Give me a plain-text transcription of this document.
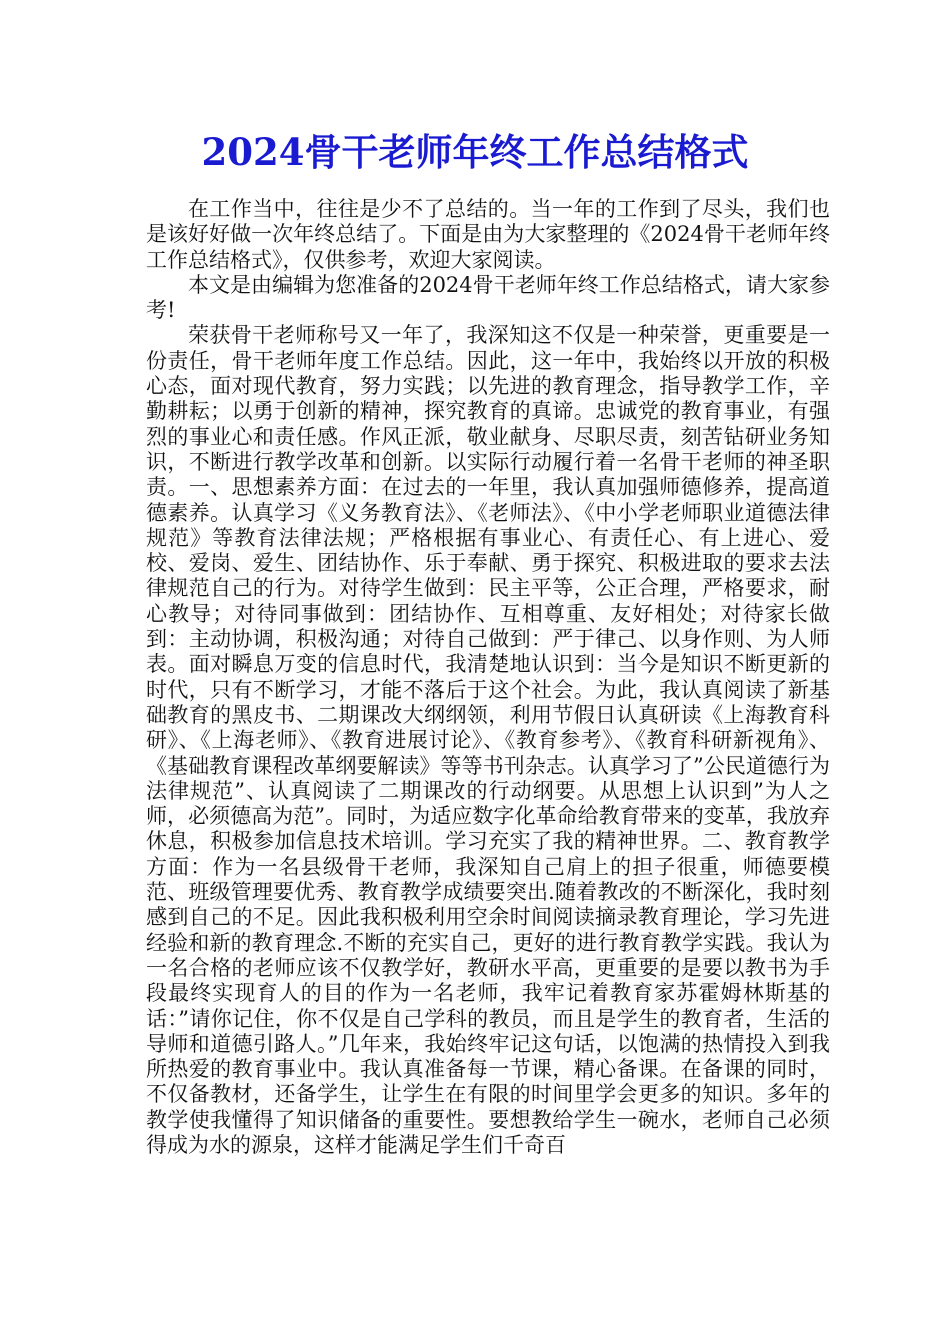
2024骨干老师年终工作总结格式

在工作当中，往往是少不了总结的。当一年的工作到了尽头，我们也是该好好做一次年终总结了。下面是由为大家整理的《2024骨干老师年终工作总结格式》，仅供参考，欢迎大家阅读。

本文是由编辑为您准备的2024骨干老师年终工作总结格式，请大家参考!

荣获骨干老师称号又一年了，我深知这不仅是一种荣誉，更重要是一份责任，骨干老师年度工作总结。因此，这一年中，我始终以开放的积极心态，面对现代教育，努力实践；以先进的教育理念，指导教学工作，辛勤耕耘；以勇于创新的精神，探究教育的真谛。忠诚党的教育事业，有强烈的事业心和责任感。作风正派，敬业献身、尽职尽责，刻苦钻研业务知识，不断进行教学改革和创新。以实际行动履行着一名骨干老师的神圣职责。一、思想素养方面：在过去的一年里，我认真加强师德修养，提高道德素养。认真学习《义务教育法》、《老师法》、《中小学老师职业道德法律规范》等教育法律法规；严格根据有事业心、有责任心、有上进心、爱校、爱岗、爱生、团结协作、乐于奉献、勇于探究、积极进取的要求去法律规范自己的行为。对待学生做到：民主平等，公正合理，严格要求，耐心教导；对待同事做到：团结协作、互相尊重、友好相处；对待家长做到：主动协调，积极沟通；对待自己做到：严于律己、以身作则、为人师表。面对瞬息万变的信息时代，我清楚地认识到：当今是知识不断更新的时代，只有不断学习，才能不落后于这个社会。为此，我认真阅读了新基础教育的黑皮书、二期课改大纲纲领，利用节假日认真研读《上海教育科研》、《上海老师》、《教育进展讨论》、《教育参考》、《教育科研新视角》、《基础教育课程改革纲要解读》等等书刊杂志。认真学习了”公民道德行为法律规范”、认真阅读了二期课改的行动纲要。从思想上认识到”为人之师，必须德高为范”。同时，为适应数字化革命给教育带来的变革，我放弃休息，积极参加信息技术培训。学习充实了我的精神世界。二、教育教学方面：作为一名县级骨干老师，我深知自己肩上的担子很重，师德要模范、班级管理要优秀、教育教学成绩要突出.随着教改的不断深化，我时刻感到自己的不足。因此我积极利用空余时间阅读摘录教育理论，学习先进经验和新的教育理念.不断的充实自己，更好的进行教育教学实践。我认为一名合格的老师应该不仅教学好，教研水平高，更重要的是要以教书为手段最终实现育人的目的作为一名老师，我牢记着教育家苏霍姆林斯基的话：”请你记住，你不仅是自己学科的教员，而且是学生的教育者，生活的导师和道德引路人。”几年来，我始终牢记这句话，以饱满的热情投入到我所热爱的教育事业中。我认真准备每一节课，精心备课。在备课的同时，不仅备教材，还备学生，让学生在有限的时间里学会更多的知识。多年的教学使我懂得了知识储备的重要性。要想教给学生一碗水，老师自己必须得成为水的源泉，这样才能满足学生们千奇百
